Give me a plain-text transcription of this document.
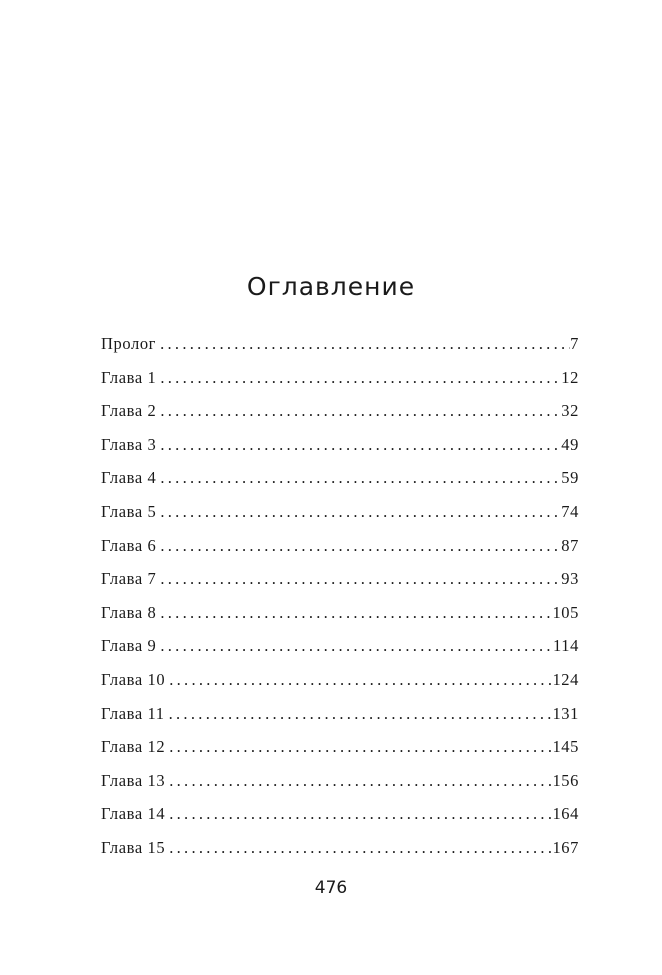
Оглавление
Пролог .....	7
Глава 1 .....	12
Глава 2 .....	32
Глава 3 .....	49
Глава 4 .....	59
Глава 5 .....	74
Глава 6 .....	87
Глава 7 .....	93
Глава 8 .....	105
Глава 9 .....	114
Глава 10 .....	124
Глава 11 .....	131
Глава 12 .....	145
Глава 13 .....	156
Глава 14 .....	164
Глава 15 .....	167
476
